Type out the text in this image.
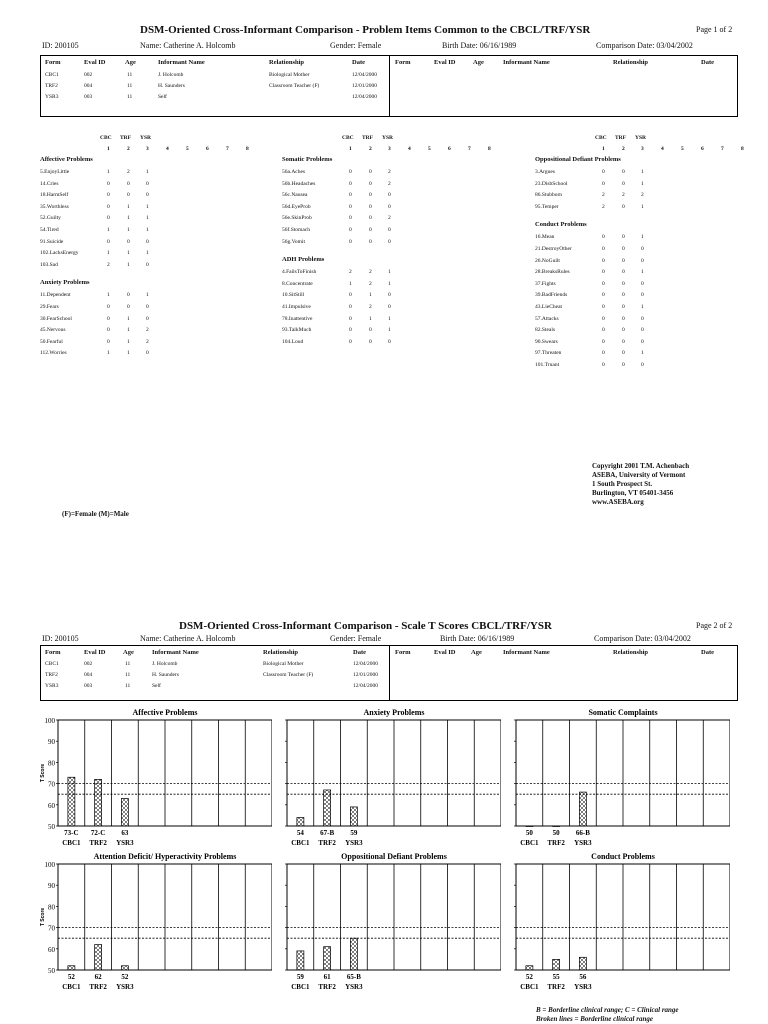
DSM-Oriented Cross-Informant Comparison - Problem Items Common to the CBCL/TRF/YSR	Page 1 of 2
ID: 200105	Name: Catherine A. Holcomb	Gender: Female	Birth Date: 06/16/1989	Comparison Date: 03/04/2002
Form	Eval ID	Age	Informant Name	Relationship	Date	Form	Eval ID	Age	Informant Name	Relationship	Date
CBC1	002	11	J. Holcomb	Biological Mother	12/04/2000
TRF2	004	11	H. Saunders	Classroom Teacher (F)	12/01/2000
YSR3	003	11	Self	12/04/2000
CBC TRF YSR
1	2	3	4	5	6	7	8
CBC TRF YSR
1	2	3	4	5	6	7	8
CBC TRF YSR
1	2	3	4	5	6	7	8
Affective Problems
5.EnjoyLittle	1	2	1
14.Cries	0	0	0
18.HarmSelf	0	0	0
35.Worthless	0	1	1
52.Guilty	0	1	1
54.Tired	1	1	1
91.Suicide	0	0	0
102.LacksEnergy	1	1	1
103.Sad	2	1	0
Anxiety Problems
11.Dependent	1	0	1
29.Fears	0	0	0
30.FearSchool	0	1	0
45.Nervous	0	1	2
50.Fearful	0	1	2
112.Worries	1	1	0
Somatic Problems
56a.Aches	0	0	2
56b.Headaches	0	0	2
56c.Nausea	0	0	0
56d.EyeProb	0	0	0
56e.SkinProb	0	0	2
56f.Stomach	0	0	0
56g.Vomit	0	0	0
ADH Problems
4.FailsToFinish	2	2	1
8.Concentrate	1	2	1
10.SitStill	0	1	0
41.Impulsive	0	2	0
78.Inattentive	0	1	1
93.TalkMuch	0	0	1
104.Loud	0	0	0
Oppositional Defiant Problems
3.Argues	0	0	1
23.DisbSchool	0	0	1
86.Stubborn	2	2	2
95.Temper	2	0	1
Conduct Problems
16.Mean	0	0	1
21.DestroyOther	0	0	0
26.NoGuilt	0	0	0
28.BreaksRules	0	0	1
37.Fights	0	0	0
39.BadFriends	0	0	0
43.LieCheat	0	0	1
57.Attacks	0	0	0
82.Steals	0	0	0
90.Swears	0	0	0
97.Threaten	0	0	1
101.Truant	0	0	0
Copyright 2001 T.M. Achenbach
ASEBA, University of Vermont
1 South Prospect St.
Burlington, VT 05401-3456
www.ASEBA.org
(F)=Female (M)=Male
DSM-Oriented Cross-Informant Comparison - Scale T Scores CBCL/TRF/YSR	Page 2 of 2
ID: 200105	Name: Catherine A. Holcomb	Gender: Female	Birth Date: 06/16/1989	Comparison Date: 03/04/2002
Form	Eval ID	Age	Informant Name	Relationship	Date	Form	Eval ID Age	Informant Name	Relationship	Date
CBC1	002	11	J. Holcomb	Biological Mother	12/04/2000
TRF2	004	11	H. Saunders	Classroom Teacher (F)	12/01/2000
YSR3	003	11	Self	12/04/2000
Affective Problems
100
90
80
70
60
50
T Score
73-C
CBC1
72-C
TRF2
63
YSR3
Anxiety Problems
54
CBC1
67-B
TRF2
59
YSR3
Somatic Complaints
50
CBC1
50
TRF2
66-B
YSR3
Attention Deficit/ Hyperactivity Problems
100
90
80
70
60
50
T Score
52
CBC1
62
TRF2
52
YSR3
Oppositional Defiant Problems
59
CBC1
61
TRF2
65-B
YSR3
Conduct Problems
52
CBC1
55
TRF2
56
YSR3
B = Borderline clinical range; C = Clinical range
Broken lines = Borderline clinical range
